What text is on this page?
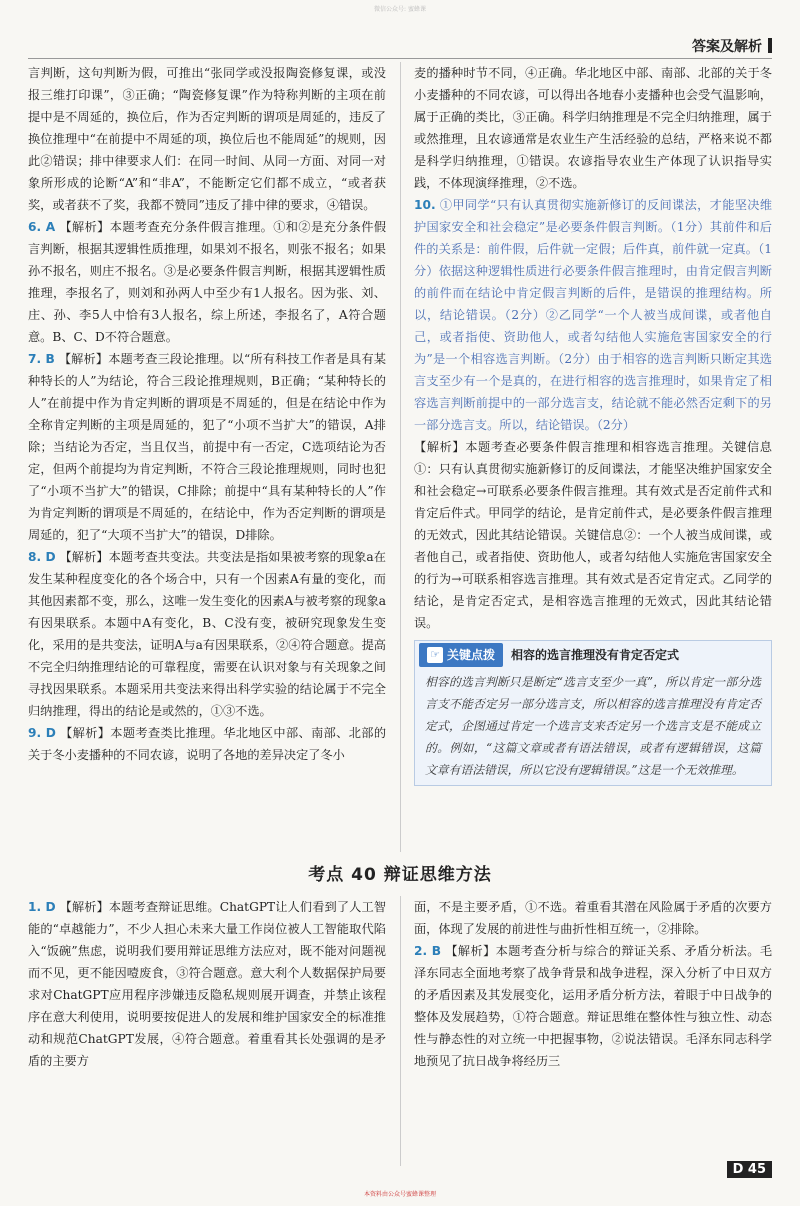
微信公众号: 蜜蜂课
答案及解析

言判断，这句判断为假，可推出“张同学或没报陶瓷修复课，或没报三维打印课”，③正确；“陶瓷修复课”作为特称判断的主项在前提中是不周延的，换位后，作为否定判断的谓项是周延的，违反了换位推理中“在前提中不周延的项，换位后也不能周延”的规则，因此②错误；排中律要求人们：在同一时间、从同一方面、对同一对象所形成的论断“A”和“非A”，不能断定它们都不成立，“或者获奖，或者获不了奖，我都不赞同”违反了排中律的要求，④错误。

6. A 【解析】本题考查充分条件假言推理。①和②是充分条件假言判断，根据其逻辑性质推理，如果刘不报名，则张不报名；如果孙不报名，则庄不报名。③是必要条件假言判断，根据其逻辑性质推理，李报名了，则刘和孙两人中至少有1人报名。因为张、刘、庄、孙、李5人中恰有3人报名，综上所述，李报名了，A符合题意。B、C、D不符合题意。

7. B 【解析】本题考查三段论推理。以“所有科技工作者是具有某种特长的人”为结论，符合三段论推理规则，B正确；“某种特长的人”在前提中作为肯定判断的谓项是不周延的，但是在结论中作为全称肯定判断的主项是周延的，犯了“小项不当扩大”的错误，A排除；当结论为否定，当且仅当，前提中有一否定，C选项结论为否定，但两个前提均为肯定判断，不符合三段论推理规则，同时也犯了“小项不当扩大”的错误，C排除；前提中“具有某种特长的人”作为肯定判断的谓项是不周延的，在结论中，作为否定判断的谓项是周延的，犯了“大项不当扩大”的错误，D排除。

8. D 【解析】本题考查共变法。共变法是指如果被考察的现象a在发生某种程度变化的各个场合中，只有一个因素A有量的变化，而其他因素都不变，那么，这唯一发生变化的因素A与被考察的现象a有因果联系。本题中A有变化，B、C没有变，被研究现象发生变化，采用的是共变法，证明A与a有因果联系，②④符合题意。提高不完全归纳推理结论的可靠程度，需要在认识对象与有关现象之间寻找因果联系。本题采用共变法来得出科学实验的结论属于不完全归纳推理，得出的结论是或然的，①③不选。

9. D 【解析】本题考查类比推理。华北地区中部、南部、北部的关于冬小麦播种的不同农谚，说明了各地的差异决定了冬小

麦的播种时节不同，④正确。华北地区中部、南部、北部的关于冬小麦播种的不同农谚，可以得出各地春小麦播种也会受气温影响，属于正确的类比，③正确。科学归纳推理是不完全归纳推理，属于或然推理，且农谚通常是农业生产生活经验的总结，严格来说不都是科学归纳推理，①错误。农谚指导农业生产体现了认识指导实践，不体现演绎推理，②不选。

10. ①甲同学“只有认真贯彻实施新修订的反间谍法，才能坚决维护国家安全和社会稳定”是必要条件假言判断。（1分）其前件和后件的关系是：前件假，后件就一定假；后件真，前件就一定真。（1分）依据这种逻辑性质进行必要条件假言推理时，由肯定假言判断的前件而在结论中肯定假言判断的后件，是错误的推理结构。所以，结论错误。（2分）②乙同学“一个人被当成间谍，或者他自己，或者指使、资助他人，或者勾结他人实施危害国家安全的行为”是一个相容选言判断。（2分）由于相容的选言判断只断定其选言支至少有一个是真的，在进行相容的选言推理时，如果肯定了相容选言判断前提中的一部分选言支，结论就不能必然否定剩下的另一部分选言支。所以，结论错误。（2分）

【解析】本题考查必要条件假言推理和相容选言推理。关键信息①：只有认真贯彻实施新修订的反间谍法，才能坚决维护国家安全和社会稳定→可联系必要条件假言推理。其有效式是否定前件式和肯定后件式。甲同学的结论，是肯定前件式，是必要条件假言推理的无效式，因此其结论错误。关键信息②：一个人被当成间谍，或者他自己，或者指使、资助他人，或者勾结他人实施危害国家安全的行为→可联系相容选言推理。其有效式是否定肯定式。乙同学的结论，是肯定否定式，是相容选言推理的无效式，因此其结论错误。

☞ 关键点拨 相容的选言推理没有肯定否定式
相容的选言判断只是断定“选言支至少一真”，所以肯定一部分选言支不能否定另一部分选言支，所以相容的选言推理没有肯定否定式，企图通过肯定一个选言支来否定另一个选言支是不能成立的。例如，“这篇文章或者有语法错误，或者有逻辑错误，这篇文章有语法错误，所以它没有逻辑错误。”这是一个无效推理。
考点 40 辩证思维方法

1. D 【解析】本题考查辩证思维。ChatGPT让人们看到了人工智能的“卓越能力”，不少人担心未来大量工作岗位被人工智能取代陷入“饭碗”焦虑，说明我们要用辩证思维方法应对，既不能对问题视而不见，更不能因噎废食，③符合题意。意大利个人数据保护局要求对ChatGPT应用程序涉嫌违反隐私规则展开调查，并禁止该程序在意大利使用，说明要按促进人的发展和维护国家安全的标准推动和规范ChatGPT发展，④符合题意。着重看其长处强调的是矛盾的主要方

面，不是主要矛盾，①不选。着重看其潜在风险属于矛盾的次要方面，体现了发展的前进性与曲折性相互统一，②排除。

2. B 【解析】本题考查分析与综合的辩证关系、矛盾分析法。毛泽东同志全面地考察了战争背景和战争进程，深入分析了中日双方的矛盾因素及其发展变化，运用矛盾分析方法，着眼于中日战争的整体及发展趋势，①符合题意。辩证思维在整体性与独立性、动态性与静态性的对立统一中把握事物，②说法错误。毛泽东同志科学地预见了抗日战争将经历三

D 45
本资料由公众号蜜蜂课整理
